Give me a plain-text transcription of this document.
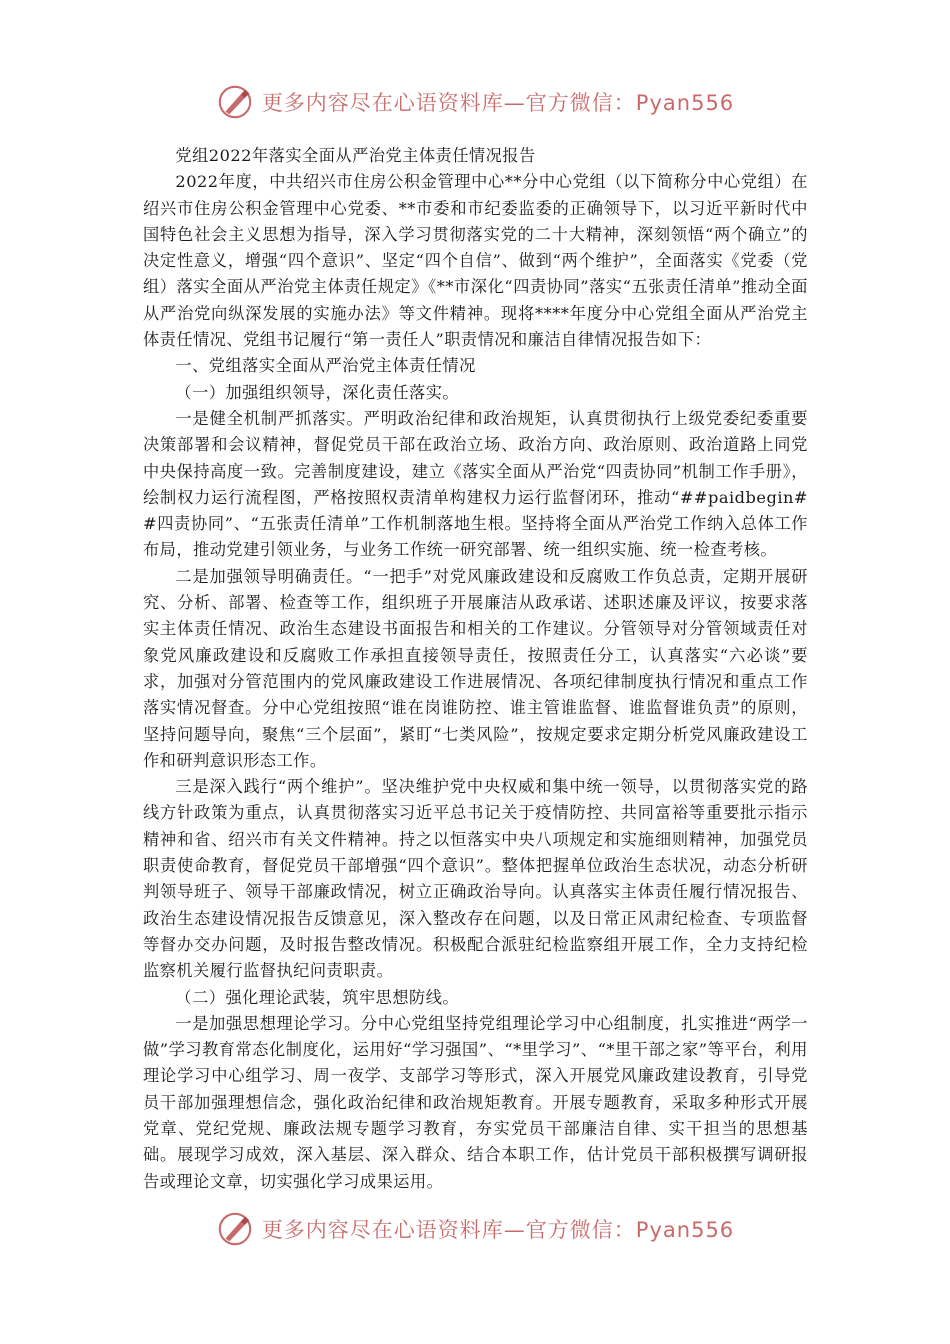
更多内容尽在心语资料库—官方微信：Pyan556

党组2022年落实全面从严治党主体责任情况报告

2022年度，中共绍兴市住房公积金管理中心**分中心党组（以下简称分中心党组）在绍兴市住房公积金管理中心党委、**市委和市纪委监委的正确领导下，以习近平新时代中国特色社会主义思想为指导，深入学习贯彻落实党的二十大精神，深刻领悟“两个确立”的决定性意义，增强“四个意识”、坚定“四个自信”、做到“两个维护”，全面落实《党委（党组）落实全面从严治党主体责任规定》《**市深化“四责协同”落实“五张责任清单”推动全面从严治党向纵深发展的实施办法》等文件精神。现将****年度分中心党组全面从严治党主体责任情况、党组书记履行“第一责任人”职责情况和廉洁自律情况报告如下：

一、党组落实全面从严治党主体责任情况

（一）加强组织领导，深化责任落实。

一是健全机制严抓落实。严明政治纪律和政治规矩，认真贯彻执行上级党委纪委重要决策部署和会议精神，督促党员干部在政治立场、政治方向、政治原则、政治道路上同党中央保持高度一致。完善制度建设，建立《落实全面从严治党“四责协同”机制工作手册》，绘制权力运行流程图，严格按照权责清单构建权力运行监督闭环，推动“##paidbegin##四责协同”、“五张责任清单”工作机制落地生根。坚持将全面从严治党工作纳入总体工作布局，推动党建引领业务，与业务工作统一研究部署、统一组织实施、统一检查考核。

二是加强领导明确责任。“一把手”对党风廉政建设和反腐败工作负总责，定期开展研究、分析、部署、检查等工作，组织班子开展廉洁从政承诺、述职述廉及评议，按要求落实主体责任情况、政治生态建设书面报告和相关的工作建议。分管领导对分管领域责任对象党风廉政建设和反腐败工作承担直接领导责任，按照责任分工，认真落实“六必谈”要求，加强对分管范围内的党风廉政建设工作进展情况、各项纪律制度执行情况和重点工作落实情况督查。分中心党组按照“谁在岗谁防控、谁主管谁监督、谁监督谁负责”的原则，坚持问题导向，聚焦“三个层面”，紧盯“七类风险”，按规定要求定期分析党风廉政建设工作和研判意识形态工作。

三是深入践行“两个维护”。坚决维护党中央权威和集中统一领导，以贯彻落实党的路线方针政策为重点，认真贯彻落实习近平总书记关于疫情防控、共同富裕等重要批示指示精神和省、绍兴市有关文件精神。持之以恒落实中央八项规定和实施细则精神，加强党员职责使命教育，督促党员干部增强“四个意识”。整体把握单位政治生态状况，动态分析研判领导班子、领导干部廉政情况，树立正确政治导向。认真落实主体责任履行情况报告、政治生态建设情况报告反馈意见，深入整改存在问题，以及日常正风肃纪检查、专项监督等督办交办问题，及时报告整改情况。积极配合派驻纪检监察组开展工作，全力支持纪检监察机关履行监督执纪问责职责。

（二）强化理论武装，筑牢思想防线。

一是加强思想理论学习。分中心党组坚持党组理论学习中心组制度，扎实推进“两学一做”学习教育常态化制度化，运用好“学习强国”、“*里学习”、“*里干部之家”等平台，利用理论学习中心组学习、周一夜学、支部学习等形式，深入开展党风廉政建设教育，引导党员干部加强理想信念，强化政治纪律和政治规矩教育。开展专题教育，采取多种形式开展党章、党纪党规、廉政法规专题学习教育，夯实党员干部廉洁自律、实干担当的思想基础。展现学习成效，深入基层、深入群众、结合本职工作，估计党员干部积极撰写调研报告或理论文章，切实强化学习成果运用。

更多内容尽在心语资料库—官方微信：Pyan556
